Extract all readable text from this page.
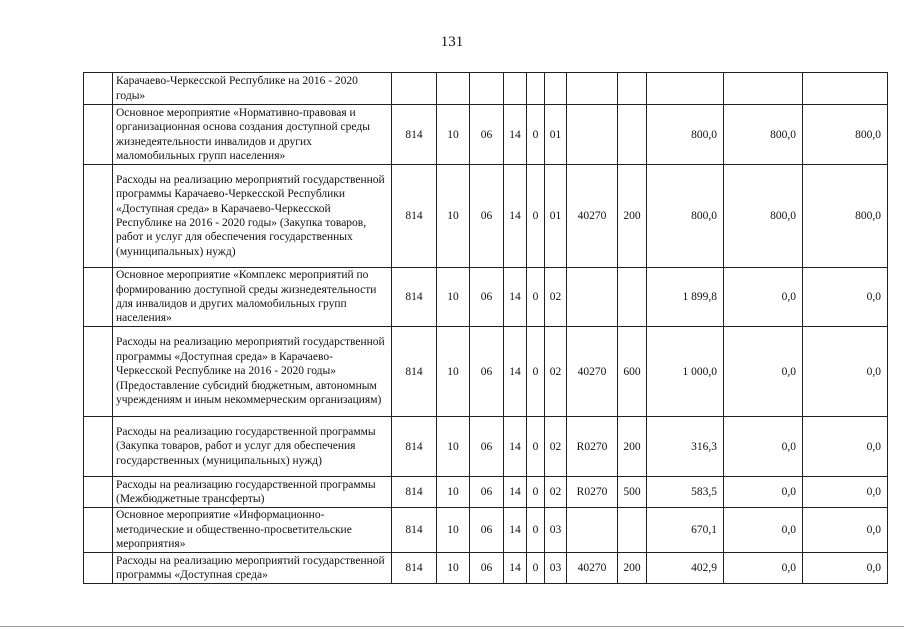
131
	Карачаево-Черкесской Республике на 2016 - 2020 годы»											
	Основное мероприятие «Нормативно-правовая и организационная основа создания доступной среды жизнедеятельности инвалидов и других маломобильных групп населения»	814	10	06	14	0	01			800,0	800,0	800,0
	Расходы на реализацию мероприятий государственной программы Карачаево-Черкесской Республики «Доступная среда» в Карачаево-Черкесской Республике на 2016 - 2020 годы» (Закупка товаров, работ и услуг для обеспечения государственных (муниципальных) нужд)	814	10	06	14	0	01	40270	200	800,0	800,0	800,0
	Основное мероприятие «Комплекс мероприятий по формированию доступной среды жизнедеятельности для инвалидов и других маломобильных групп населения»	814	10	06	14	0	02			1 899,8	0,0	0,0
	Расходы на реализацию мероприятий государственной программы «Доступная среда» в Карачаево-Черкесской Республике на 2016 - 2020 годы» (Предоставление субсидий бюджетным, автономным учреждениям и иным некоммерческим организациям)	814	10	06	14	0	02	40270	600	1 000,0	0,0	0,0
	Расходы на реализацию государственной программы (Закупка товаров, работ и услуг для обеспечения государственных (муниципальных) нужд)	814	10	06	14	0	02	R0270	200	316,3	0,0	0,0
	Расходы на реализацию государственной программы (Межбюджетные трансферты)	814	10	06	14	0	02	R0270	500	583,5	0,0	0,0
	Основное мероприятие «Информационно-методические и общественно-просветительские мероприятия»	814	10	06	14	0	03			670,1	0,0	0,0
	Расходы на реализацию мероприятий государственной программы «Доступная среда»	814	10	06	14	0	03	40270	200	402,9	0,0	0,0
